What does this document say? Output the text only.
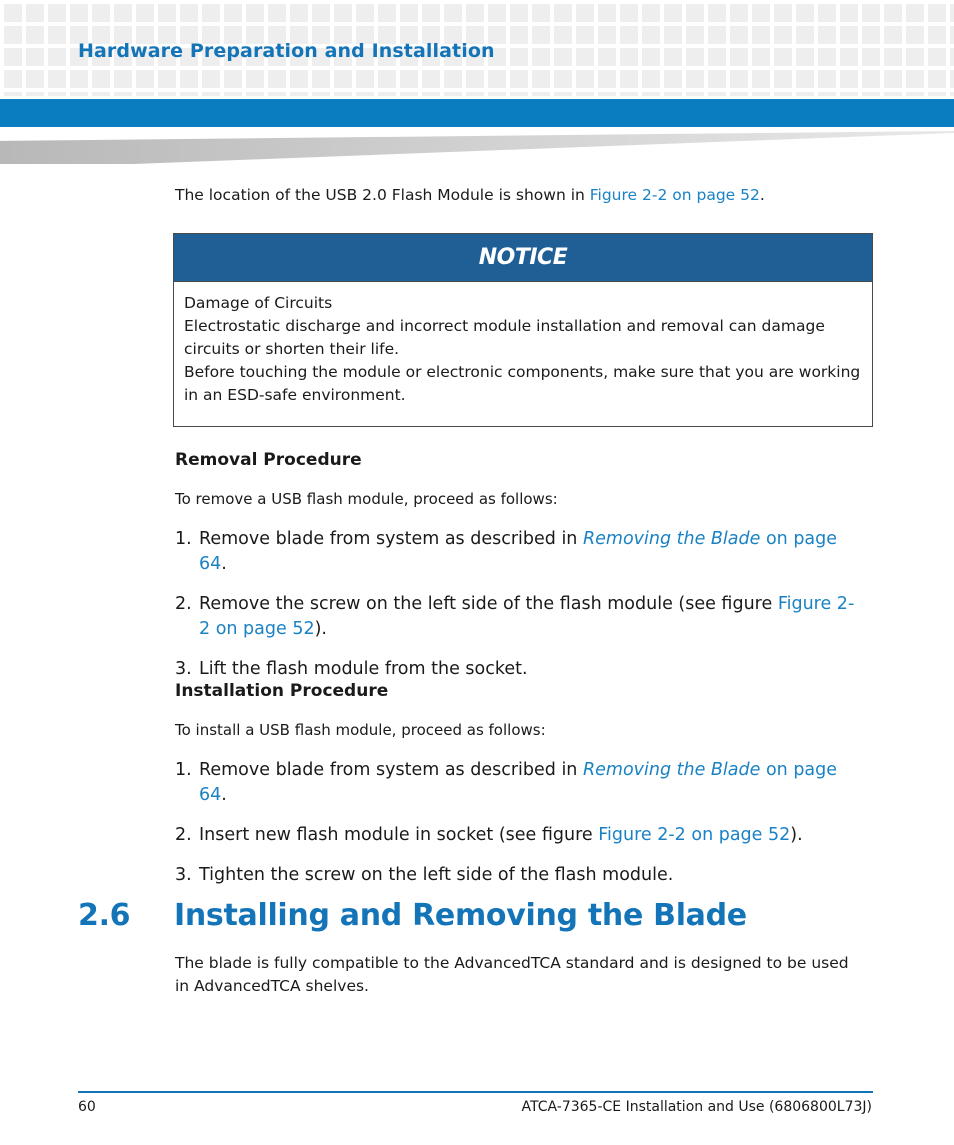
Hardware Preparation and Installation

The location of the USB 2.0 Flash Module is shown in Figure 2-2 on page 52.

NOTICE

Damage of Circuits

Electrostatic discharge and incorrect module installation and removal can damage circuits or shorten their life.

Before touching the module or electronic components, make sure that you are working in an ESD-safe environment.

Removal Procedure

To remove a USB flash module, proceed as follows:

1. Remove blade from system as described in Removing the Blade on page 64.
2. Remove the screw on the left side of the flash module (see figure Figure 2-2 on page 52).
3. Lift the flash module from the socket.
Installation Procedure

To install a USB flash module, proceed as follows:

1. Remove blade from system as described in Removing the Blade on page 64.
2. Insert new flash module in socket (see figure Figure 2-2 on page 52).
3. Tighten the screw on the left side of the flash module.
2.6 Installing and Removing the Blade

The blade is fully compatible to the AdvancedTCA standard and is designed to be used in AdvancedTCA shelves.

60	ATCA-7365-CE Installation and Use (6806800L73J)
